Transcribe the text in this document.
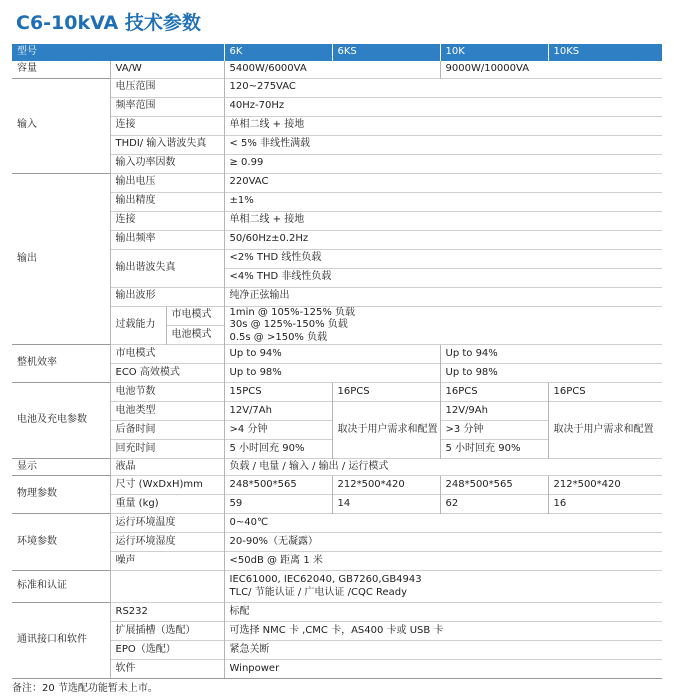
C6-10kVA 技术参数
型号			6K	6KS	10K	10KS
容量	VA/W		5400W/6000VA		9000W/10000VA	
输入	电压范围		120~275VAC			
	频率范围		40Hz-70Hz			
	连接		单相二线 + 接地			
	THDI/ 输入谐波失真		< 5% 非线性满载			
	输入功率因数		≥ 0.99			
输出	输出电压		220VAC			
	输出精度		±1%			
	连接		单相二线 + 接地			
	输出频率		50/60Hz±0.2Hz			
	输出谐波失真		<2% THD 线性负载			
			<4% THD 非线性负载			
	输出波形		纯净正弦输出			
	过载能力	市电模式	1min @ 105%-125% 负载
30s @ 125%-150% 负载
0.5s @ >150% 负载			

		电池模式				
整机效率	市电模式		Up to 94%		Up to 94%	
	ECO 高效模式		Up to 98%		Up to 98%	
电池及充电参数	电池节数		15PCS	16PCS	16PCS	16PCS
	电池类型		12V/7Ah	取决于用户需求和配置	12V/9Ah	取决于用户需求和配置
	后备时间		>4 分钟		>3 分钟	
	回充时间		5 小时回充 90%		5 小时回充 90%	
显示	液晶		负载 / 电量 / 输入 / 输出 / 运行模式			
物理参数	尺寸 (WxDxH)mm		248*500*565	212*500*420	248*500*565	212*500*420
	重量 (kg)		59	14	62	16
环境参数	运行环境温度		0~40℃			
	运行环境湿度		20-90%（无凝露）			
	噪声		<50dB @ 距离 1 米			
标准和认证			IEC61000, IEC62040, GB7260,GB4943
TLC/ 节能认证 / 广电认证 /CQC Ready			

通讯接口和软件	RS232		标配			
	扩展插槽（选配）		可选择 NMC 卡 ,CMC 卡，AS400 卡或 USB 卡			
	EPO（选配）		紧急关断			
	软件		Winpower			
备注：20 节选配功能暂未上市。
